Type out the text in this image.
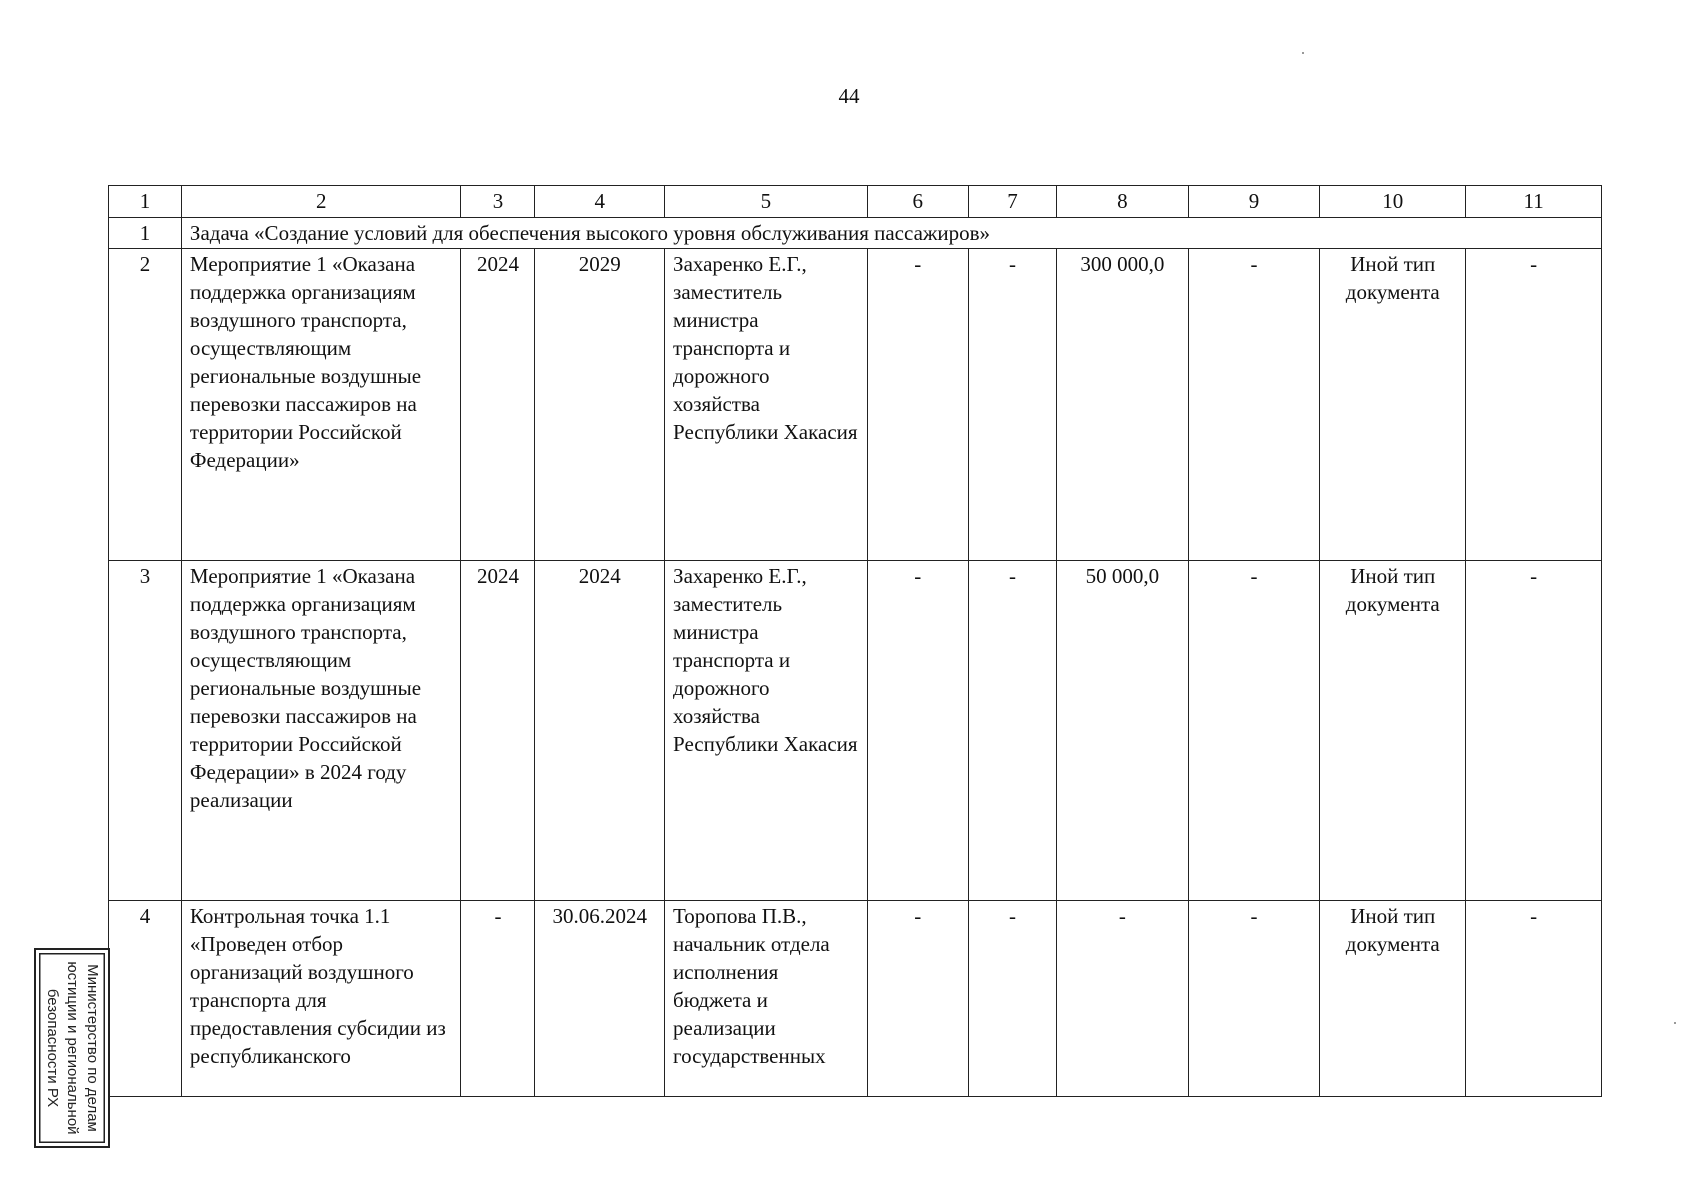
44
1	2	3	4	5	6	7	8	9	10	11
1	Задача «Создание условий для обеспечения высокого уровня обслуживания пассажиров»									
2	Мероприятие 1 «Оказана поддержка организациям воздушного транспорта, осуществляющим региональные воздушные перевозки пассажиров на территории Российской Федерации»	2024	2029	Захаренко Е.Г., заместитель министра транспорта и дорожного хозяйства Республики Хакасия	-	-	300 000,0	-	Иной тип документа	-
3	Мероприятие 1 «Оказана поддержка организациям воздушного транспорта, осуществляющим региональные воздушные перевозки пассажиров на территории Российской Федерации» в 2024 году реализации	2024	2024	Захаренко Е.Г., заместитель министра транспорта и дорожного хозяйства Республики Хакасия	-	-	50 000,0	-	Иной тип документа	-
4	Контрольная точка 1.1 «Проведен отбор организаций воздушного транспорта для предоставления субсидии из республиканского	-	30.06.2024	Торопова П.В., начальник отдела исполнения бюджета и реализации государственных	-	-	-	-	Иной тип документа	-
Министерство по делам
юстиции и региональной
безопасности РХ
